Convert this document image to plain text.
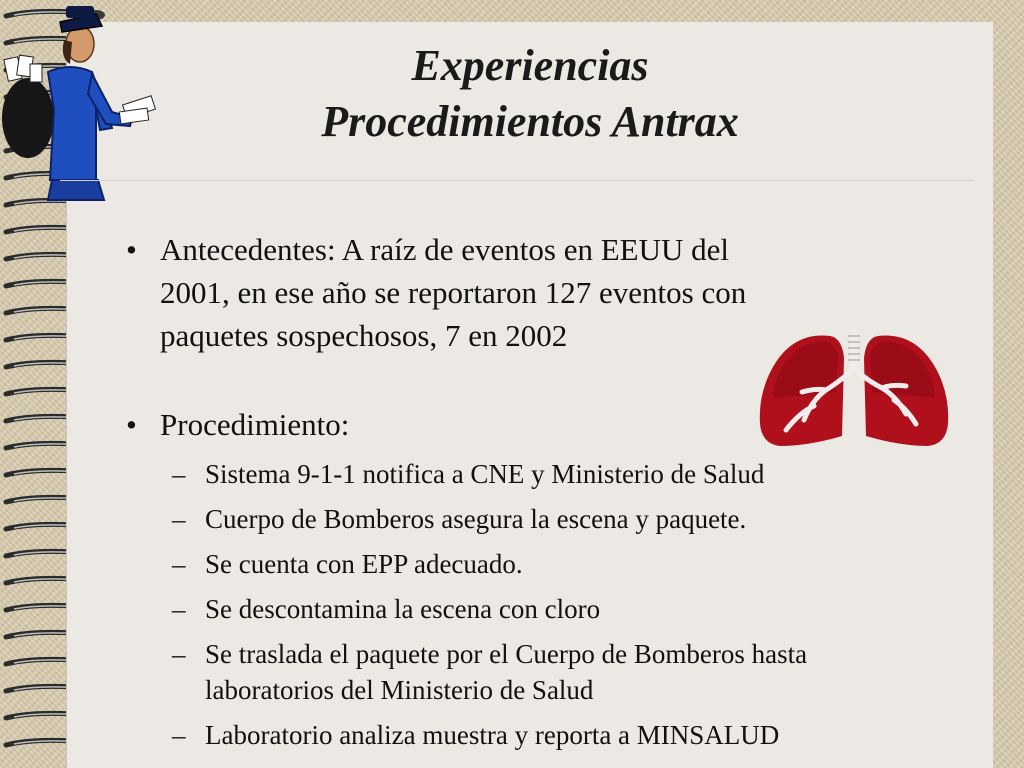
Experiencias
Procedimientos Antrax
• Antecedentes: A raíz de eventos en EEUU del
2001, en ese año se reportaron 127 eventos con
paquetes sospechosos, 7 en 2002
• Procedimiento:
– Sistema 9-1-1 notifica a CNE y Ministerio de Salud
– Cuerpo de Bomberos asegura la escena y paquete.
– Se cuenta con EPP adecuado.
– Se descontamina la escena con cloro
– Se traslada el paquete por el Cuerpo de Bomberos hasta
laboratorios del Ministerio de Salud
– Laboratorio analiza muestra y reporta a MINSALUD
